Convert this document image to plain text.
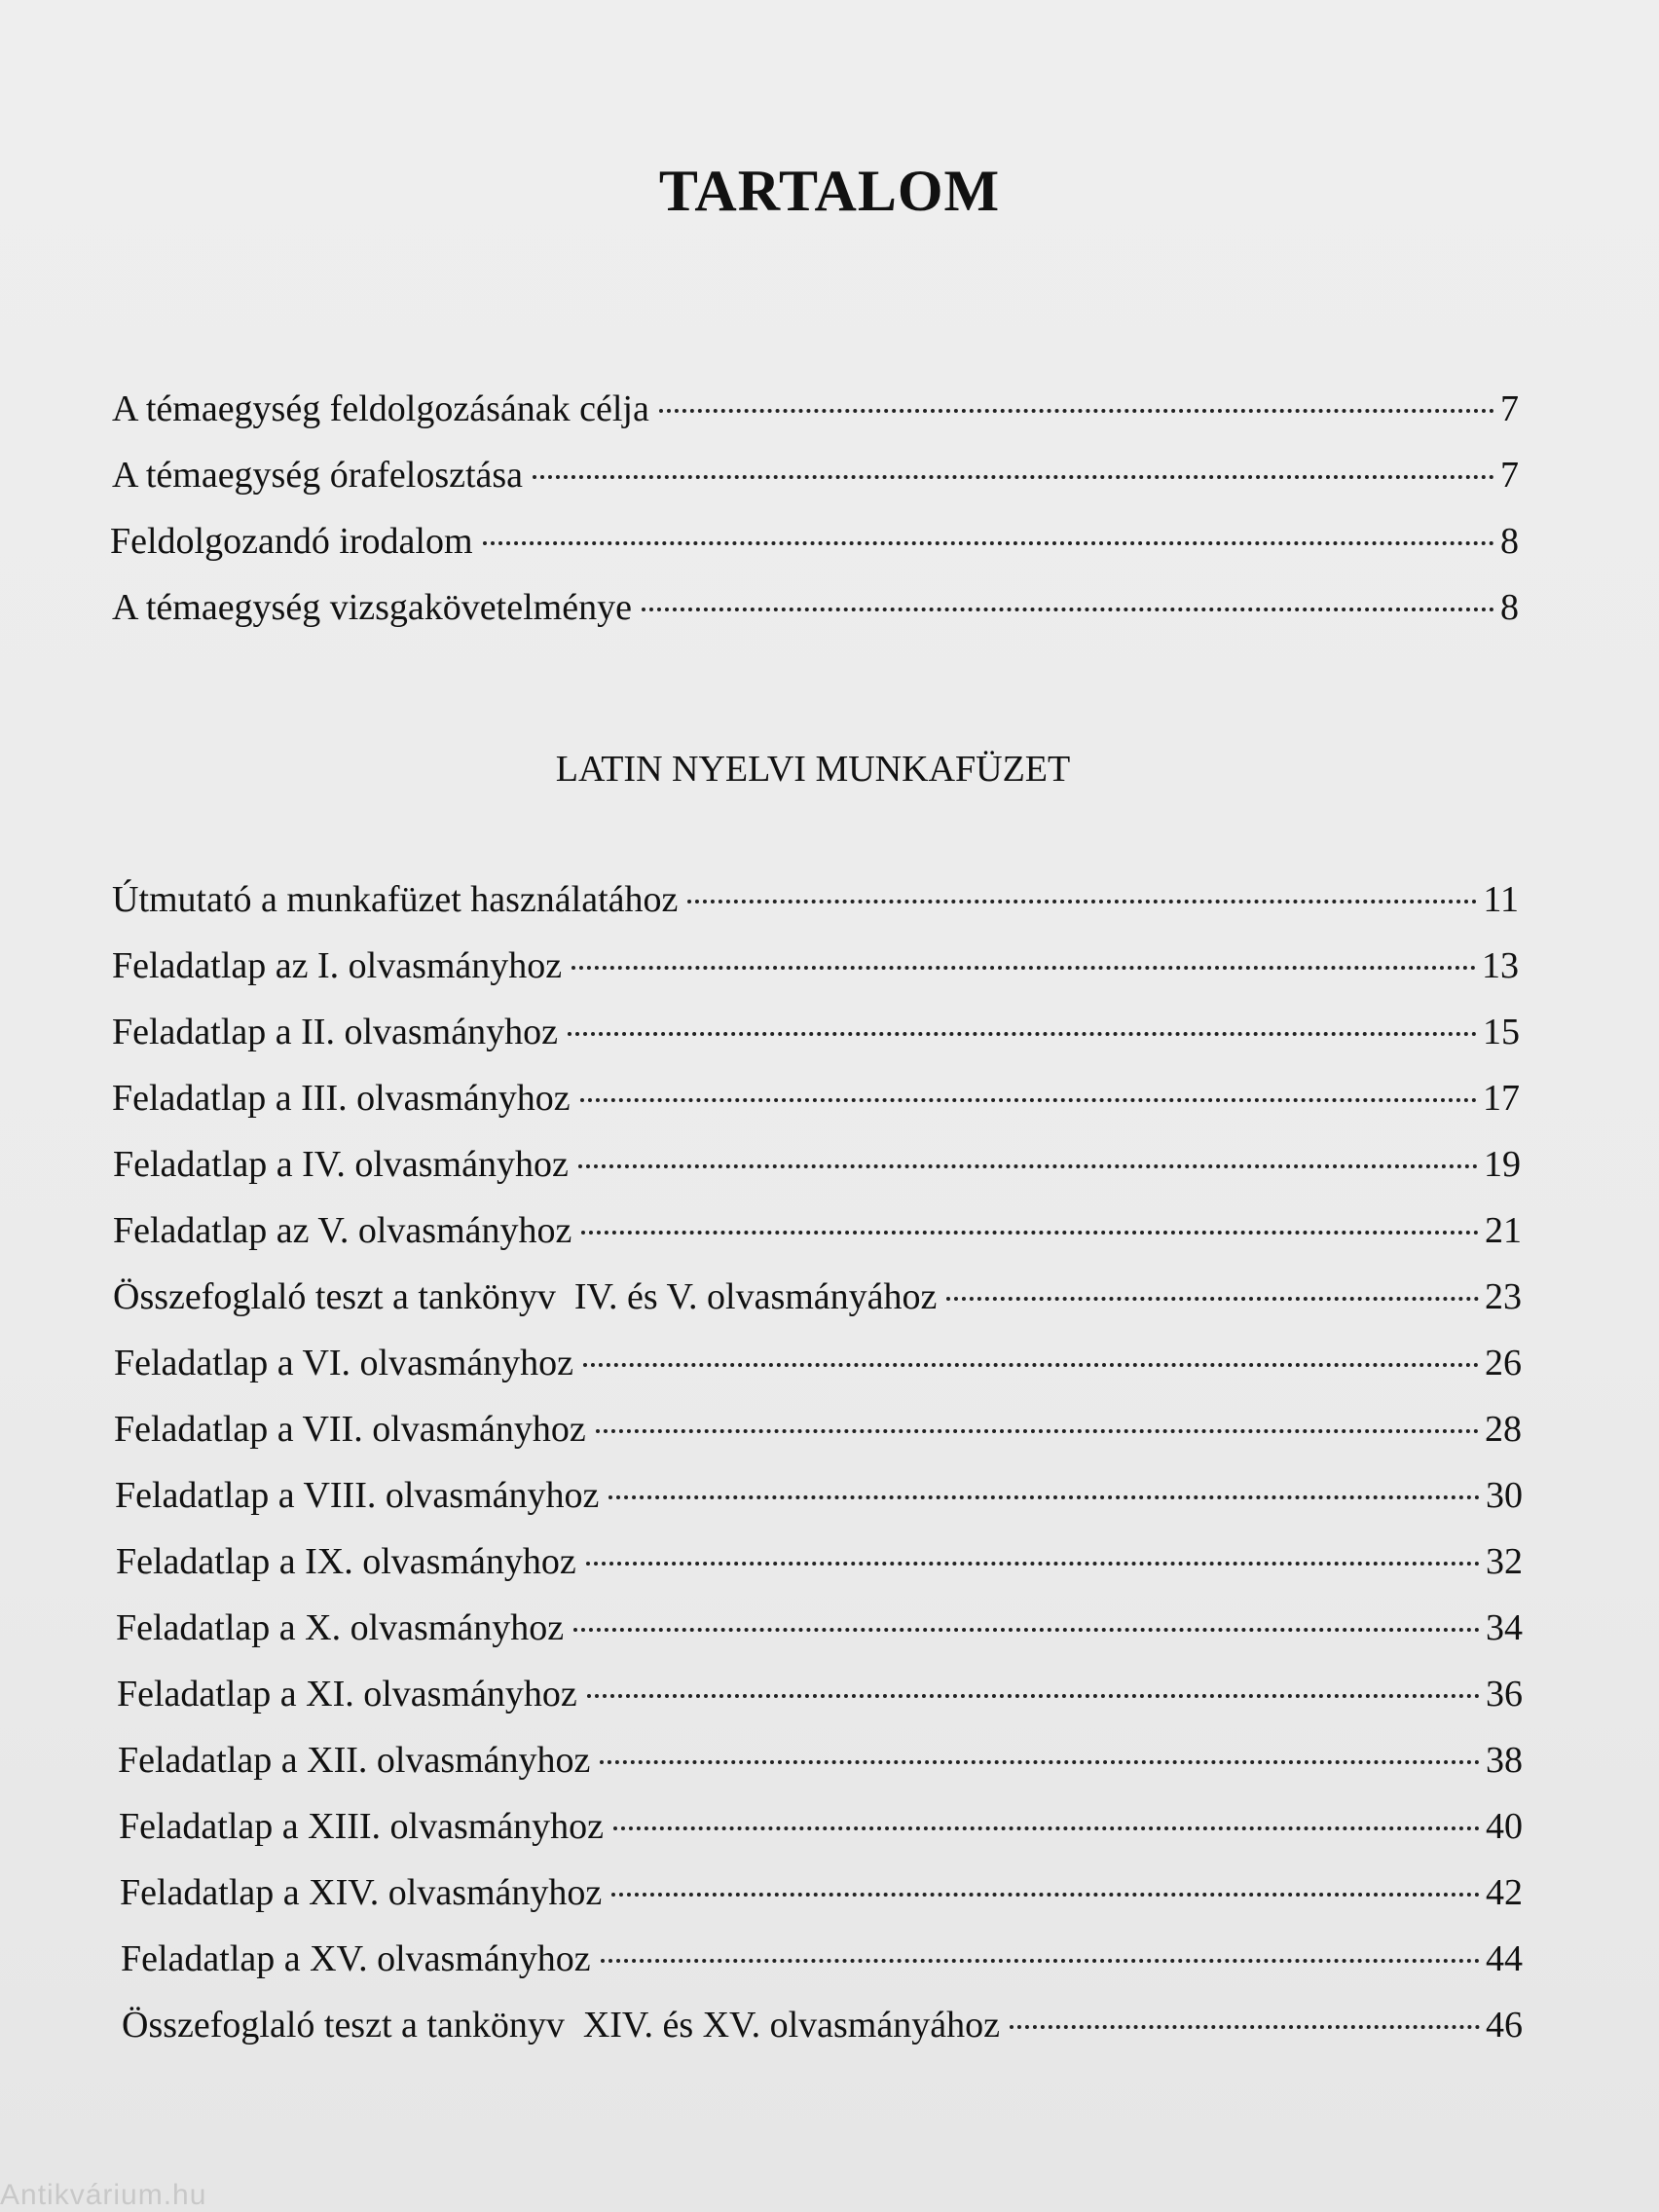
TARTALOM
A témaegység feldolgozásának célja	7
A témaegység órafelosztása	7
Feldolgozandó irodalom	8
A témaegység vizsgakövetelménye	8
LATIN NYELVI MUNKAFÜZET
Útmutató a munkafüzet használatához	11
Feladatlap az I. olvasmányhoz	13
Feladatlap a II. olvasmányhoz	15
Feladatlap a III. olvasmányhoz	17
Feladatlap a IV. olvasmányhoz	19
Feladatlap az V. olvasmányhoz	21
Összefoglaló teszt a tankönyv  IV. és V. olvasmányához	23
Feladatlap a VI. olvasmányhoz	26
Feladatlap a VII. olvasmányhoz	28
Feladatlap a VIII. olvasmányhoz	30
Feladatlap a IX. olvasmányhoz	32
Feladatlap a X. olvasmányhoz	34
Feladatlap a XI. olvasmányhoz	36
Feladatlap a XII. olvasmányhoz	38
Feladatlap a XIII. olvasmányhoz	40
Feladatlap a XIV. olvasmányhoz	42
Feladatlap a XV. olvasmányhoz	44
Összefoglaló teszt a tankönyv  XIV. és XV. olvasmányához	46
Antikvárium.hu
